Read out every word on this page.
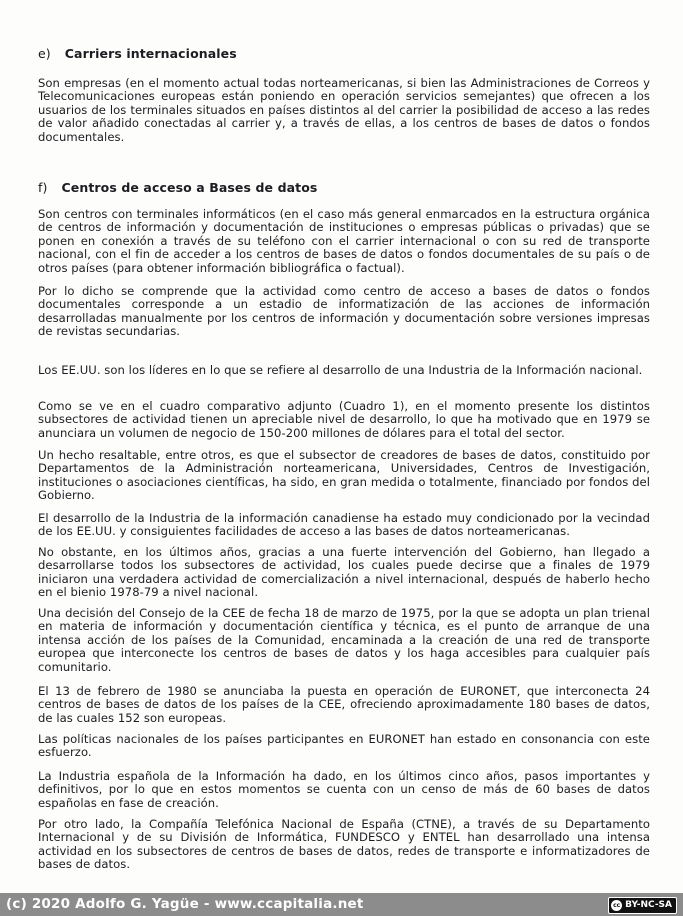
e) Carriers internacionales

Son empresas (en el momento actual todas norteamericanas, si bien las Administraciones de Correos y Telecomunicaciones europeas están poniendo en operación servicios semejantes) que ofrecen a los usuarios de los terminales situados en países distintos al del carrier la posibilidad de acceso a las redes de valor añadido conectadas al carrier y, a través de ellas, a los centros de bases de datos o fondos documentales.

f) Centros de acceso a Bases de datos

Son centros con terminales informáticos (en el caso más general enmarcados en la estructura orgánica de centros de información y documentación de instituciones o empresas públicas o privadas) que se ponen en conexión a través de su teléfono con el carrier internacional o con su red de transporte nacional, con el fin de acceder a los centros de bases de datos o fondos documentales de su país o de otros países (para obtener información bibliográfica o factual).

Por lo dicho se comprende que la actividad como centro de acceso a bases de datos o fondos documentales corresponde a un estadio de informatización de las acciones de información desarrolladas manualmente por los centros de información y documentación sobre versiones impresas de revistas secundarias.

Los EE.UU. son los líderes en lo que se refiere al desarrollo de una Industria de la Información nacional.

Como se ve en el cuadro comparativo adjunto (Cuadro 1), en el momento presente los distintos subsectores de actividad tienen un apreciable nivel de desarrollo, lo que ha motivado que en 1979 se anunciara un volumen de negocio de 150-200 millones de dólares para el total del sector.

Un hecho resaltable, entre otros, es que el subsector de creadores de bases de datos, constituido por Departamentos de la Administración norteamericana, Universidades, Centros de Investigación, instituciones o asociaciones científicas, ha sido, en gran medida o totalmente, financiado por fondos del Gobierno.

El desarrollo de la Industria de la información canadiense ha estado muy condicionado por la vecindad de los EE.UU. y consiguientes facilidades de acceso a las bases de datos norteamericanas.

No obstante, en los últimos años, gracias a una fuerte intervención del Gobierno, han llegado a desarrollarse todos los subsectores de actividad, los cuales puede decirse que a finales de 1979 iniciaron una verdadera actividad de comercialización a nivel internacional, después de haberlo hecho en el bienio 1978-79 a nivel nacional.

Una decisión del Consejo de la CEE de fecha 18 de marzo de 1975, por la que se adopta un plan trienal en materia de información y documentación científica y técnica, es el punto de arranque de una intensa acción de los países de la Comunidad, encaminada a la creación de una red de transporte europea que interconecte los centros de bases de datos y los haga accesibles para cualquier país comunitario.

El 13 de febrero de 1980 se anunciaba la puesta en operación de EURONET, que interconecta 24 centros de bases de datos de los países de la CEE, ofreciendo aproximadamente 180 bases de datos, de las cuales 152 son europeas.

Las políticas nacionales de los países participantes en EURONET han estado en consonancia con este esfuerzo.

La Industria española de la Información ha dado, en los últimos cinco años, pasos importantes y definitivos, por lo que en estos momentos se cuenta con un censo de más de 60 bases de datos españolas en fase de creación.

Por otro lado, la Compañía Telefónica Nacional de España (CTNE), a través de su Departamento Internacional y de su División de Informática, FUNDESCO y ENTEL han desarrollado una intensa actividad en los subsectores de centros de bases de datos, redes de transporte e informatizadores de bases de datos.

(c) 2020 Adolfo G. Yagüe - www.ccapitalia.net	cc BY-NC-SA
